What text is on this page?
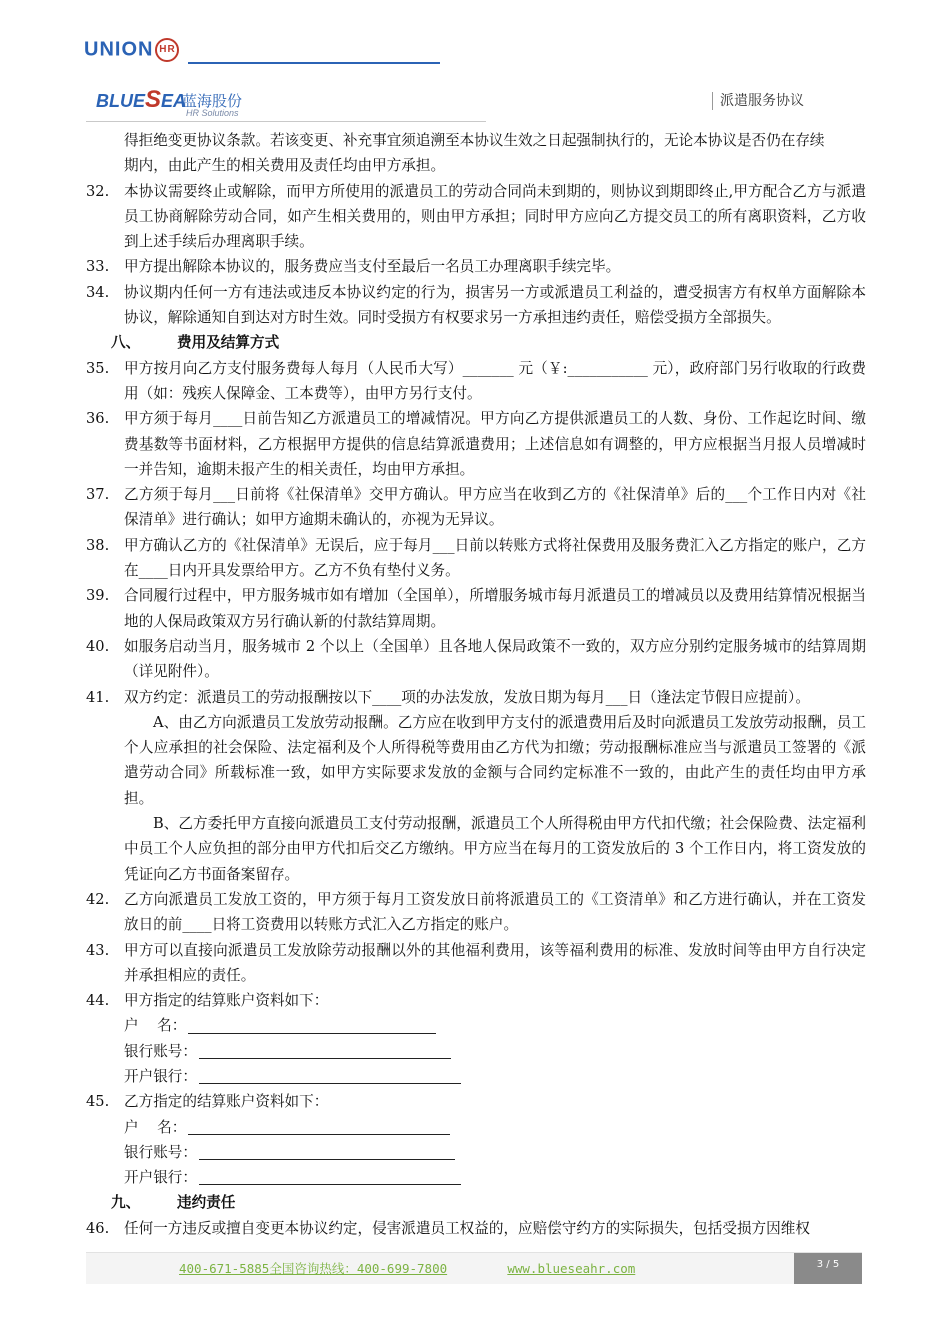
UNION HR
BLUESEA
蓝海股份
HR Solutions
派遣服务协议
得拒绝变更协议条款。若该变更、补充事宜须追溯至本协议生效之日起强制执行的，无论本协议是否仍在存续
期内，由此产生的相关费用及责任均由甲方承担。
32.	本协议需要终止或解除，而甲方所使用的派遣员工的劳动合同尚未到期的，则协议到期即终止,甲方配合乙方与派遣员工协商解除劳动合同，如产生相关费用的，则由甲方承担；同时甲方应向乙方提交员工的所有离职资料，乙方收到上述手续后办理离职手续。
33.	甲方提出解除本协议的，服务费应当支付至最后一名员工办理离职手续完毕。
34.	协议期内任何一方有违法或违反本协议约定的行为，损害另一方或派遣员工利益的，遭受损害方有权单方面解除本协议，解除通知自到达对方时生效。同时受损方有权要求另一方承担违约责任，赔偿受损方全部损失。
八、	费用及结算方式
35.	甲方按月向乙方支付服务费每人每月（人民币大写）_______ 元（￥:___________ 元），政府部门另行收取的行政费用（如：残疾人保障金、工本费等），由甲方另行支付。
36.	甲方须于每月____日前告知乙方派遣员工的增减情况。甲方向乙方提供派遣员工的人数、身份、工作起讫时间、缴费基数等书面材料，乙方根据甲方提供的信息结算派遣费用；上述信息如有调整的，甲方应根据当月报人员增减时一并告知，逾期未报产生的相关责任，均由甲方承担。
37.	乙方须于每月___日前将《社保清单》交甲方确认。甲方应当在收到乙方的《社保清单》后的___个工作日内对《社保清单》进行确认；如甲方逾期未确认的，亦视为无异议。
38.	甲方确认乙方的《社保清单》无误后，应于每月___日前以转账方式将社保费用及服务费汇入乙方指定的账户，乙方在____日内开具发票给甲方。乙方不负有垫付义务。
39.	合同履行过程中，甲方服务城市如有增加（全国单），所增服务城市每月派遣员工的增减员以及费用结算情况根据当地的人保局政策双方另行确认新的付款结算周期。
40.	如服务启动当月，服务城市 2 个以上（全国单）且各地人保局政策不一致的，双方应分别约定服务城市的结算周期（详见附件）。
41.	双方约定：派遣员工的劳动报酬按以下____项的办法发放，发放日期为每月___日（逢法定节假日应提前）。
A、由乙方向派遣员工发放劳动报酬。乙方应在收到甲方支付的派遣费用后及时向派遣员工发放劳动报酬，员工个人应承担的社会保险、法定福利及个人所得税等费用由乙方代为扣缴；劳动报酬标准应当与派遣员工签署的《派遣劳动合同》所载标准一致，如甲方实际要求发放的金额与合同约定标准不一致的，由此产生的责任均由甲方承担。
B、乙方委托甲方直接向派遣员工支付劳动报酬，派遣员工个人所得税由甲方代扣代缴；社会保险费、法定福利中员工个人应负担的部分由甲方代扣后交乙方缴纳。甲方应当在每月的工资发放后的 3 个工作日内，将工资发放的凭证向乙方书面备案留存。
42.	乙方向派遣员工发放工资的，甲方须于每月工资发放日前将派遣员工的《工资清单》和乙方进行确认，并在工资发放日的前____日将工资费用以转账方式汇入乙方指定的账户。
43.	甲方可以直接向派遣员工发放除劳动报酬以外的其他福利费用，该等福利费用的标准、发放时间等由甲方自行决定并承担相应的责任。
44.	甲方指定的结算账户资料如下：
户    名：
银行账号：
开户银行：
45.	乙方指定的结算账户资料如下：
户    名：
银行账号：
开户银行：
九、	违约责任
46.	任何一方违反或擅自变更本协议约定，侵害派遣员工权益的，应赔偿守约方的实际损失，包括受损方因维权
400-671-5885全国咨询热线：400-699-7800	www.blueseahr.com	3 / 5
